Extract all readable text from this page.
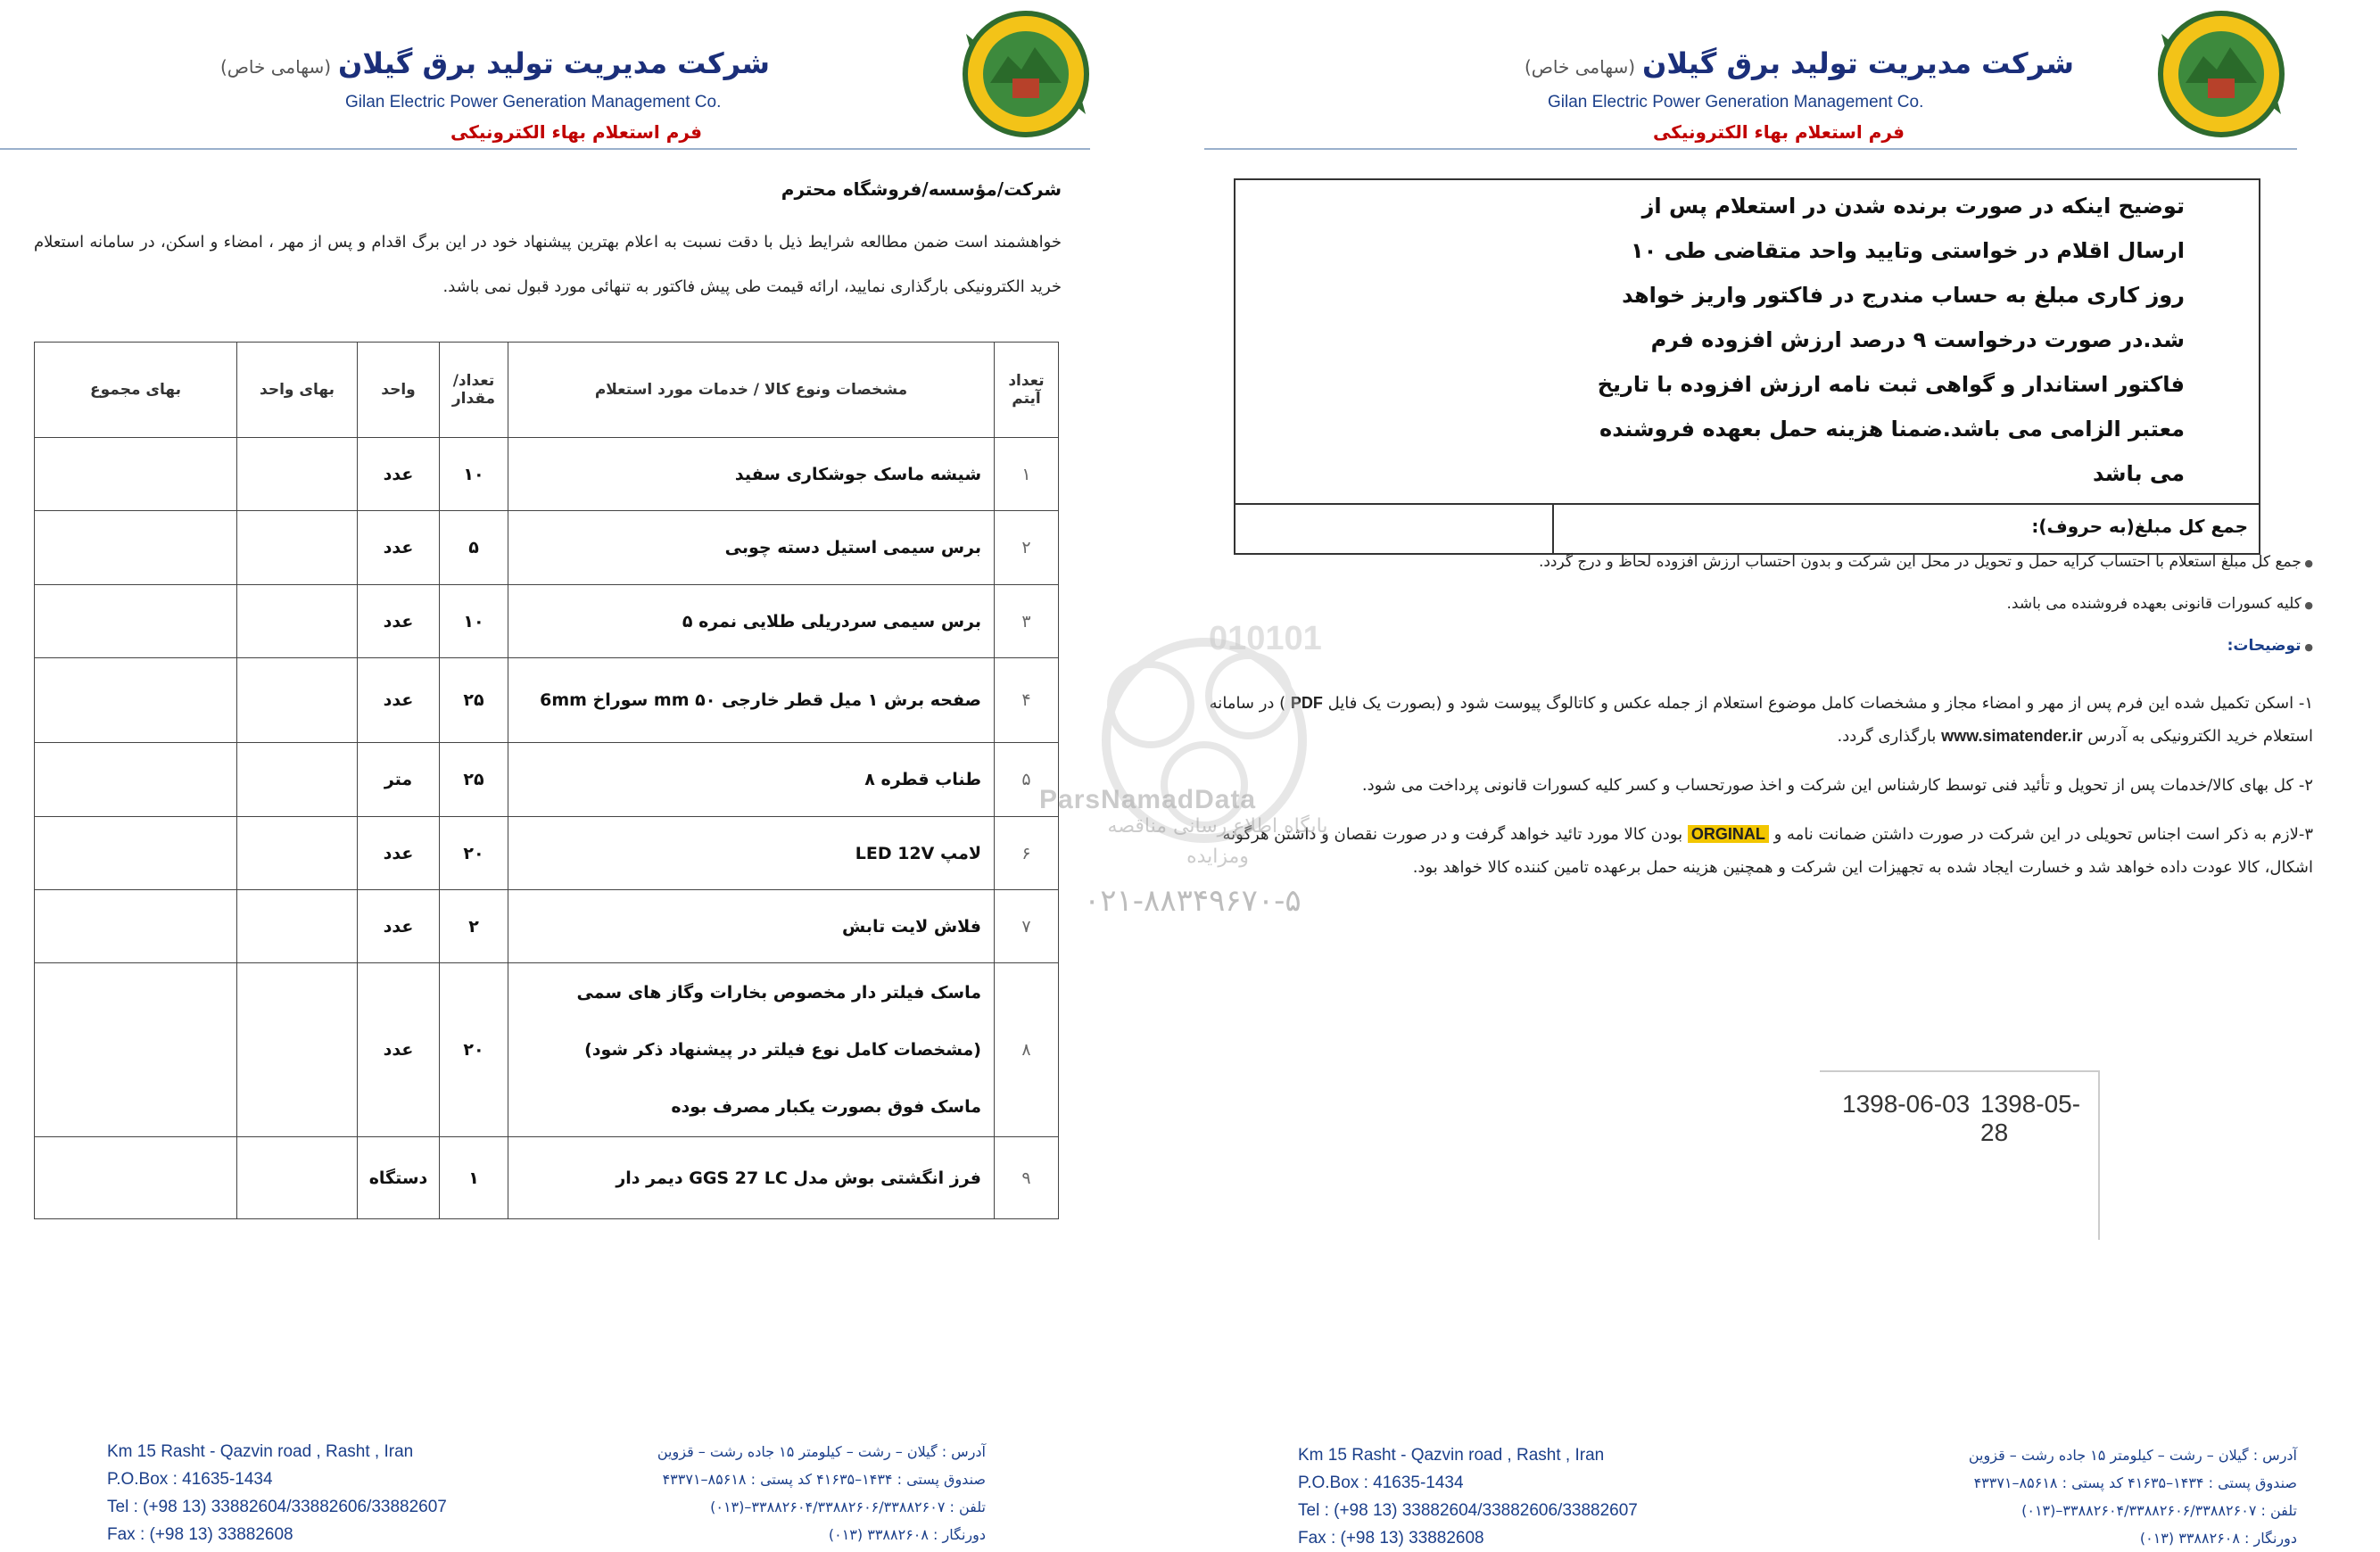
شرکت مدیریت تولید برق گیلان(سهامی خاص)
Gilan Electric Power Generation Management Co.
فرم استعلام بهاء الکترونیکی
شرکت/مؤسسه/فروشگاه محترم
خواهشمند است ضمن مطالعه شرایط ذیل با دقت نسبت به اعلام بهترین پیشنهاد خود در این برگ اقدام و پس از مهر ، امضاء و اسکن، در سامانه استعلام خرید الکترونیکی بارگذاری نمایید، ارائه قیمت طی پیش فاکتور به تنهائی مورد قبول نمی باشد.
تعداد آیتم	مشخصات ونوع کالا / خدمات مورد استعلام	تعداد/ مقدار	واحد	بهای واحد	بهای مجموع
۱	شیشه ماسک جوشکاری سفید	۱۰	عدد		
۲	برس سیمی استیل دسته چوبی	۵	عدد		
۳	برس سیمی سردریلی طلایی نمره ۵	۱۰	عدد		
۴	صفحه برش ۱ میل قطر خارجی ۵۰ mm سوراخ 6mm	۲۵	عدد		
۵	طناب قطره ۸	۲۵	متر		
۶	لامپ LED 12V	۲۰	عدد		
۷	فلاش لایت تابش	۲	عدد		
۸	ماسک فیلتر دار مخصوص بخارات وگاز های سمی
(مشخصات کامل نوع فیلتر در پیشنهاد ذکر شود)
ماسک فوق بصورت یکبار مصرف بوده	۲۰	عدد		
۹	فرز انگشتی بوش مدل GGS 27 LC دیمر دار	۱	دستگاه		
Km 15 Rasht - Qazvin road , Rasht , Iran
P.O.Box : 41635-1434
Tel : (+98 13) 33882604/33882606/33882607
Fax : (+98 13) 33882608
آدرس : گیلان – رشت – کیلومتر ۱۵ جاده رشت – قزوین
صندوق پستی : ۱۴۳۴–۴۱۶۳۵ کد پستی : ۸۵۶۱۸–۴۳۳۷۱
تلفن : ۳۳۸۸۲۶۰۴/۳۳۸۸۲۶۰۶/۳۳۸۸۲۶۰۷–(۰۱۳)
دورنگار : ۳۳۸۸۲۶۰۸ (۰۱۳)
شرکت مدیریت تولید برق گیلان(سهامی خاص)
Gilan Electric Power Generation Management Co.
فرم استعلام بهاء الکترونیکی
توضیح اینکه در صورت برنده شدن در استعلام پس از
ارسال اقلام در خواستی وتایید واحد متقاضی طی ۱۰
روز کاری مبلغ به حساب مندرج در فاکتور واریز خواهد
شد.در صورت درخواست ۹ درصد ارزش افزوده فرم
فاکتور استاندار و گواهی ثبت نامه ارزش افزوده با تاریخ
معتبر الزامی می باشد.ضمنا هزینه حمل بعهده فروشنده
می باشد
جمع کل مبلغ(به حروف):
● جمع کل مبلغ استعلام با احتساب کرایه حمل و تحویل در محل این شرکت و بدون احتساب ارزش افزوده لحاظ و درج گردد.
● کلیه کسورات قانونی بعهده فروشنده می باشد.
● توضیحات:

۱- اسکن تکمیل شده این فرم پس از مهر و امضاء مجاز و مشخصات کامل موضوع استعلام از جمله عکس و کاتالوگ پیوست شود و (بصورت یک فایل PDF ) در سامانه استعلام خرید الکترونیکی به آدرس www.simatender.ir بارگذاری گردد.

۲- کل بهای کالا/خدمات پس از تحویل و تأئید فنی توسط کارشناس این شرکت و اخذ صورتحساب و کسر کلیه کسورات قانونی پرداخت می شود.

۳-لازم به ذکر است اجناس تحویلی در این شرکت در صورت داشتن ضمانت نامه و ORGINAL بودن کالا مورد تائید خواهد گرفت و در صورت نقصان و داشتن هرگونه اشکال، کالا عودت داده خواهد شد و خسارت ایجاد شده به تجهیزات این شرکت و همچنین هزینه حمل برعهده تامین کننده کالا خواهد بود.

1398-06-03 1398-05-28
Km 15 Rasht - Qazvin road , Rasht , Iran
P.O.Box : 41635-1434
Tel : (+98 13) 33882604/33882606/33882607
Fax : (+98 13) 33882608
آدرس : گیلان – رشت – کیلومتر ۱۵ جاده رشت – قزوین
صندوق پستی : ۱۴۳۴–۴۱۶۳۵ کد پستی : ۸۵۶۱۸–۴۳۳۷۱
تلفن : ۳۳۸۸۲۶۰۴/۳۳۸۸۲۶۰۶/۳۳۸۸۲۶۰۷–(۰۱۳)
دورنگار : ۳۳۸۸۲۶۰۸ (۰۱۳)
010101
ParsNamadData
پایگاه اطلاع رسانی مناقصه ومزایده
۰۲۱-۸۸۳۴۹۶۷۰-۵
